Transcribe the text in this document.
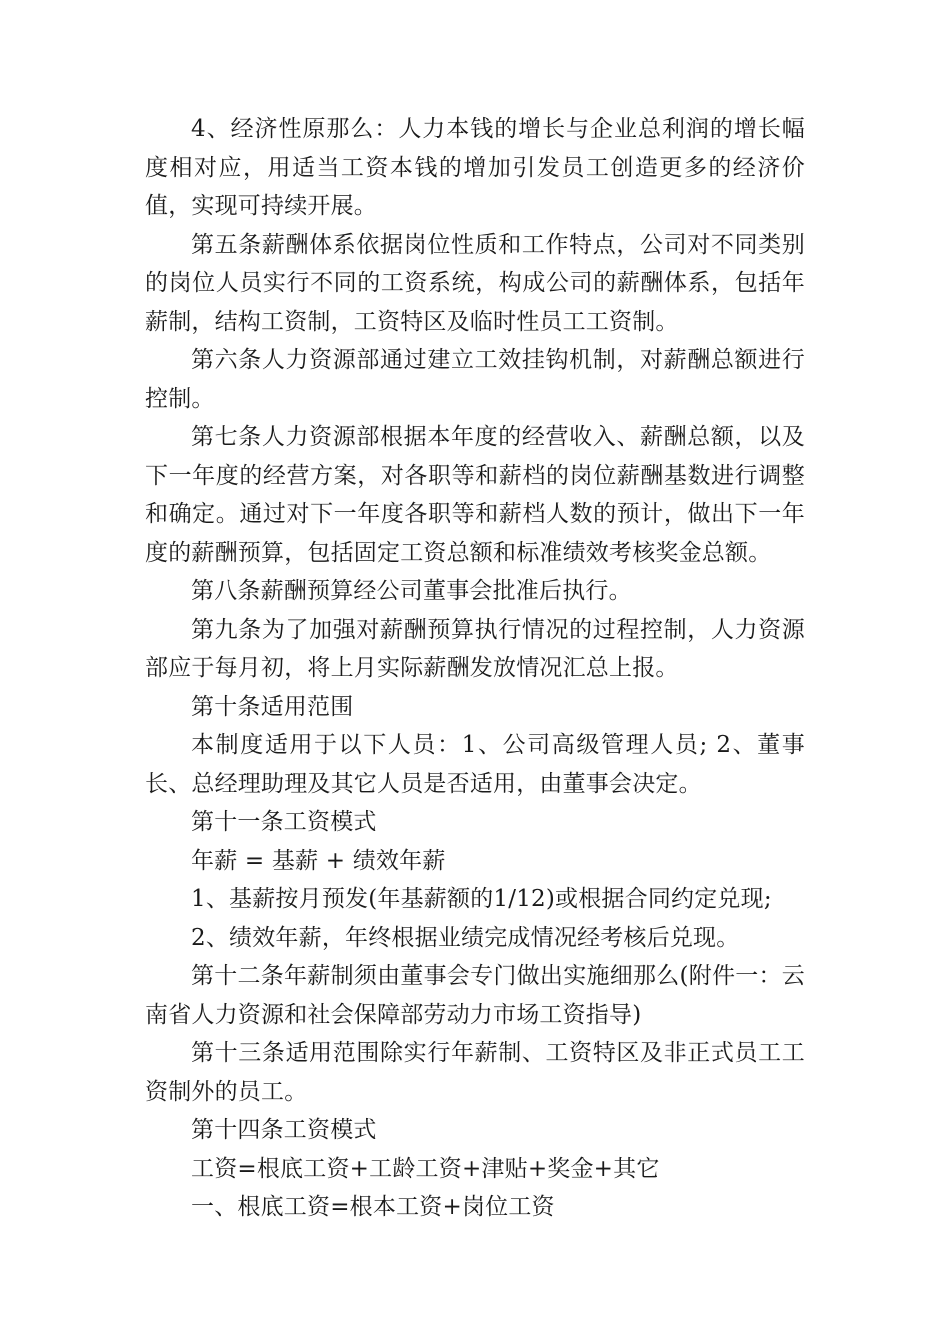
4、经济性原那么：人力本钱的增长与企业总利润的增长幅度相对应，用适当工资本钱的增加引发员工创造更多的经济价值，实现可持续开展。

第五条薪酬体系依据岗位性质和工作特点，公司对不同类别的岗位人员实行不同的工资系统，构成公司的薪酬体系，包括年薪制，结构工资制，工资特区及临时性员工工资制。

第六条人力资源部通过建立工效挂钩机制，对薪酬总额进行控制。

第七条人力资源部根据本年度的经营收入、薪酬总额，以及下一年度的经营方案，对各职等和薪档的岗位薪酬基数进行调整和确定。通过对下一年度各职等和薪档人数的预计，做出下一年度的薪酬预算，包括固定工资总额和标准绩效考核奖金总额。

第八条薪酬预算经公司董事会批准后执行。

第九条为了加强对薪酬预算执行情况的过程控制，人力资源部应于每月初，将上月实际薪酬发放情况汇总上报。

第十条适用范围

本制度适用于以下人员：1、公司高级管理人员; 2、董事长、总经理助理及其它人员是否适用，由董事会决定。

第十一条工资模式

年薪 = 基薪 + 绩效年薪

1、基薪按月预发(年基薪额的1/12)或根据合同约定兑现;

2、绩效年薪，年终根据业绩完成情况经考核后兑现。

第十二条年薪制须由董事会专门做出实施细那么(附件一：云南省人力资源和社会保障部劳动力市场工资指导)

第十三条适用范围除实行年薪制、工资特区及非正式员工工资制外的员工。

第十四条工资模式

工资=根底工资+工龄工资+津贴+奖金+其它

一、根底工资=根本工资+岗位工资
